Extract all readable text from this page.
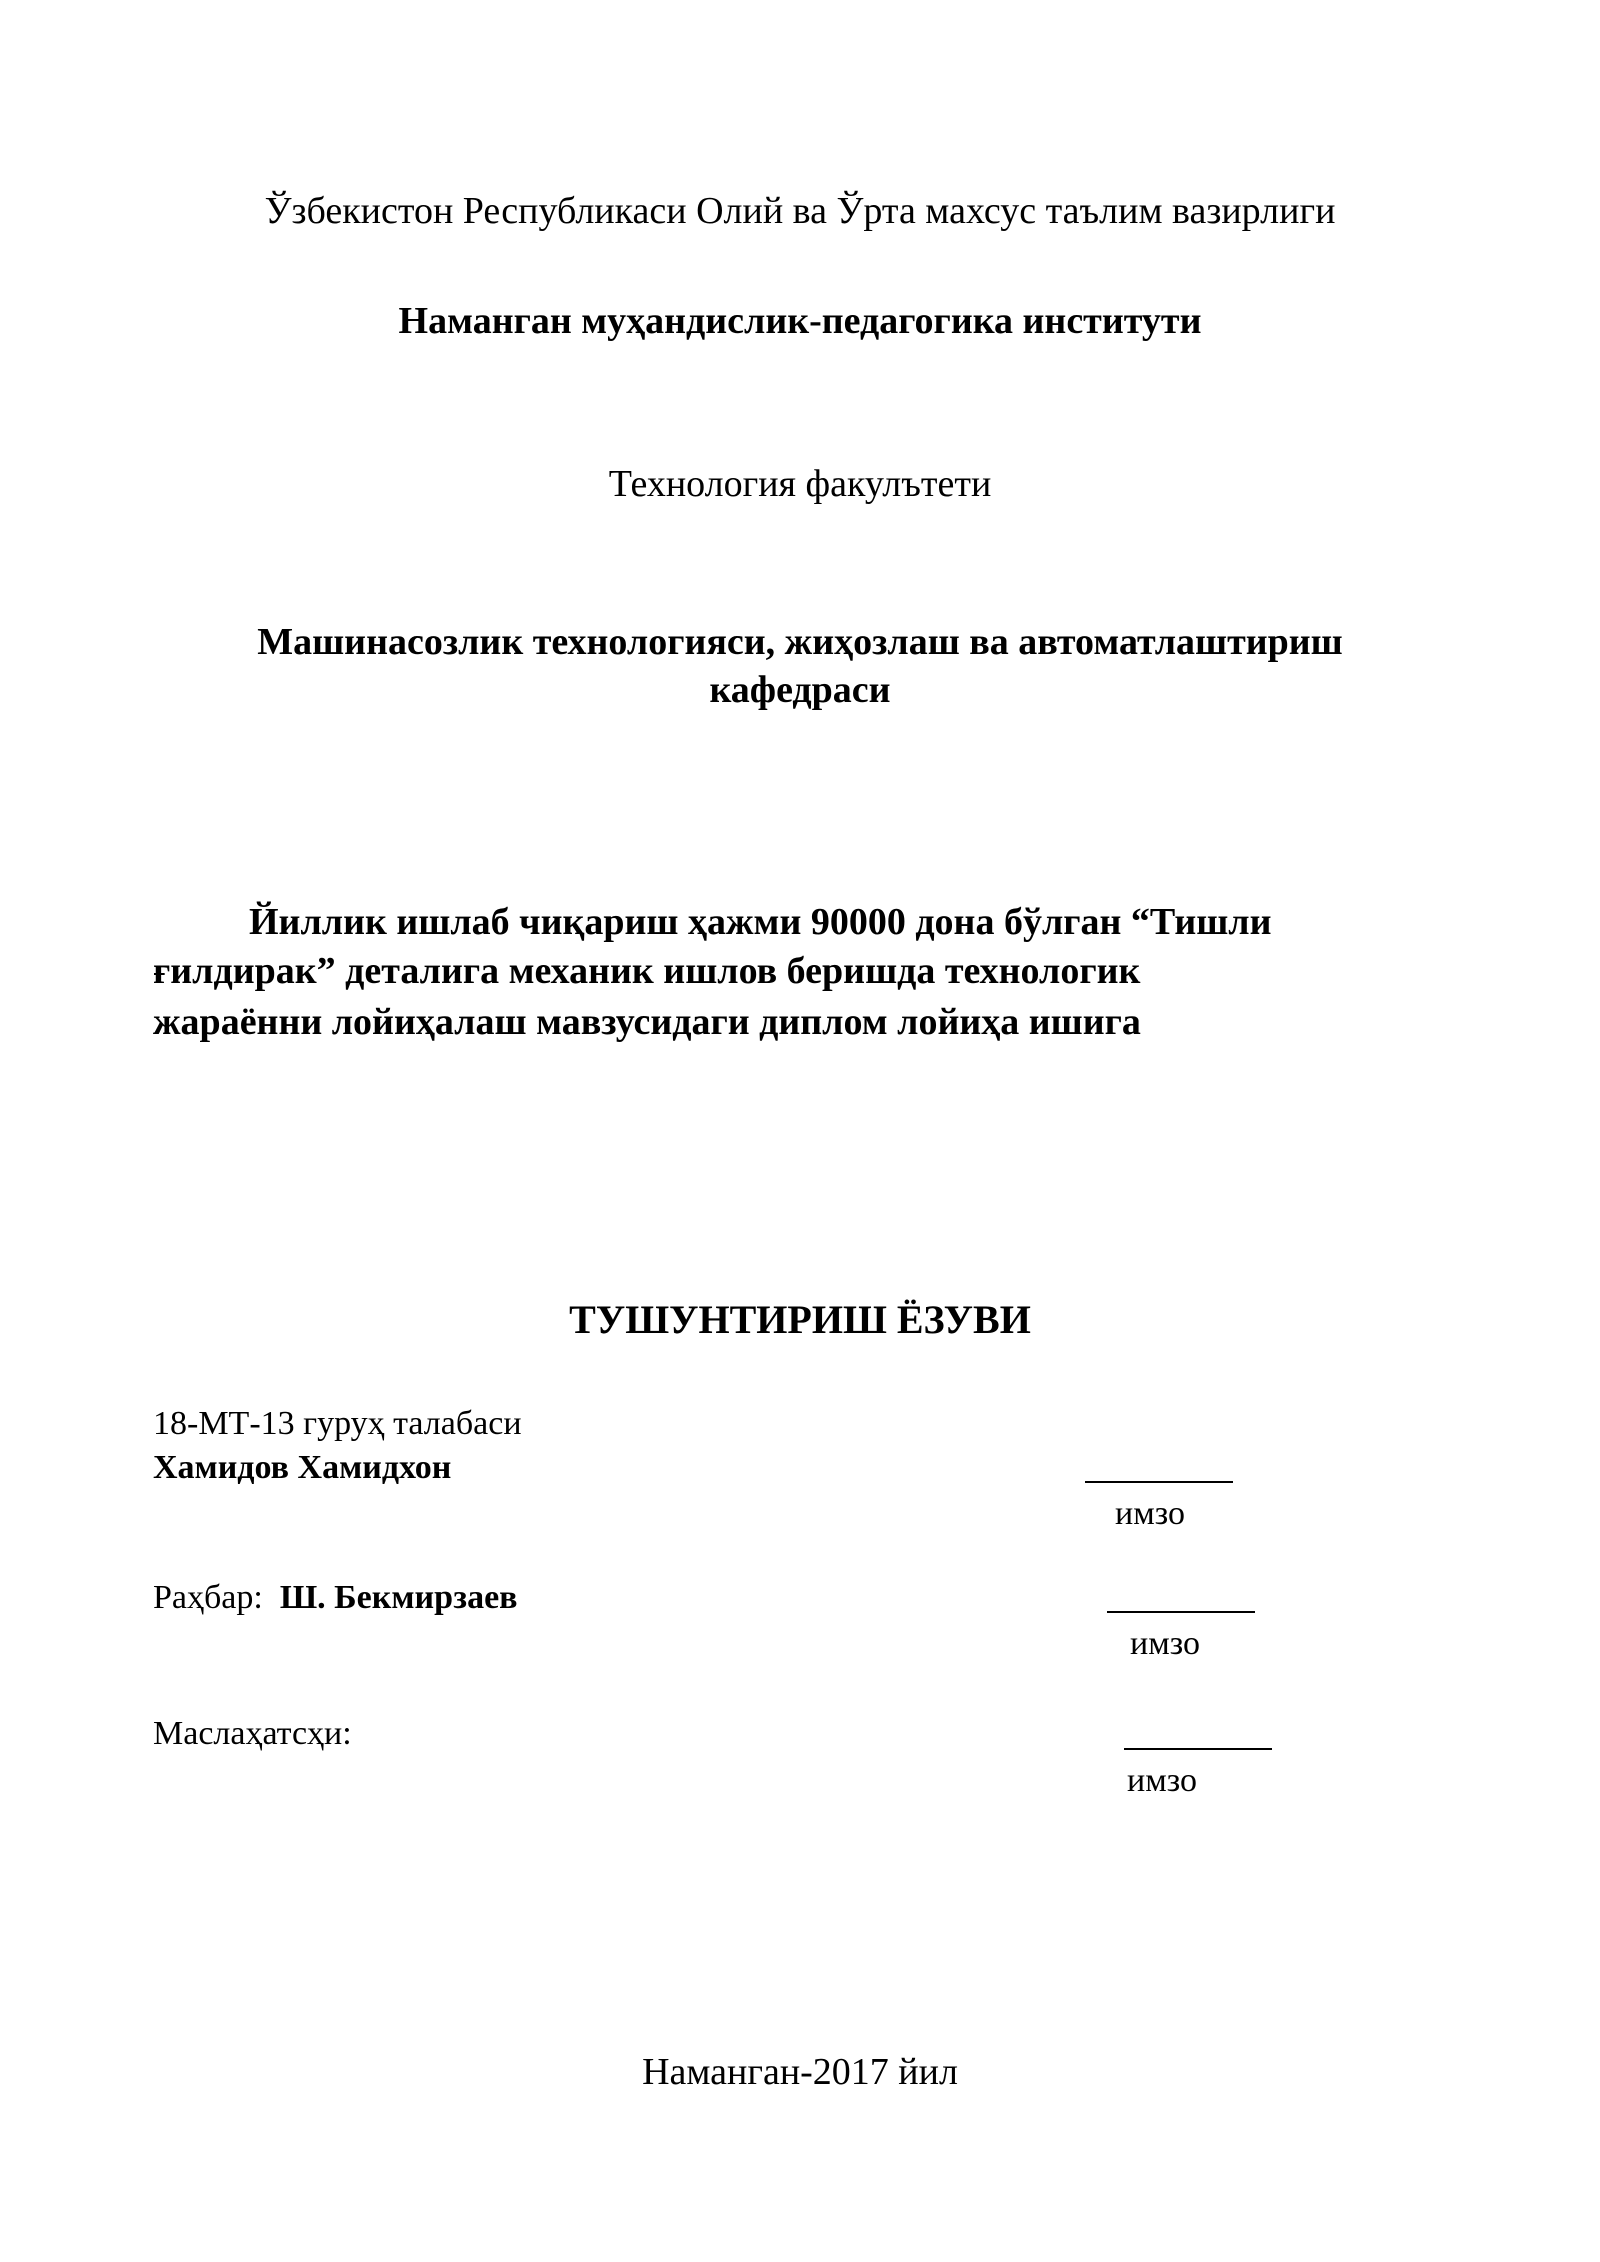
Ўзбекистон Республикаси Олий ва Ўрта махсус таълим вазирлиги
Наманган муҳандислик-педагогика институти
Технология факулътети
Машинасозлик технологияси, жиҳозлаш ва автоматлаштириш
кафедраси
Йиллик ишлаб чиқариш ҳажми 90000 дона бўлган “Тишли
ғилдирак” деталига механик ишлов беришда технологик
жараённи лойиҳалаш мавзусидаги диплом лойиҳа ишига
ТУШУНТИРИШ ЁЗУВИ
18-МТ-13 гуруҳ талабаси
Хамидов Хамидхон
имзо
Раҳбар: Ш. Бекмирзаев
имзо
Маслаҳатсҳи:
имзо
Наманган-2017 йил
